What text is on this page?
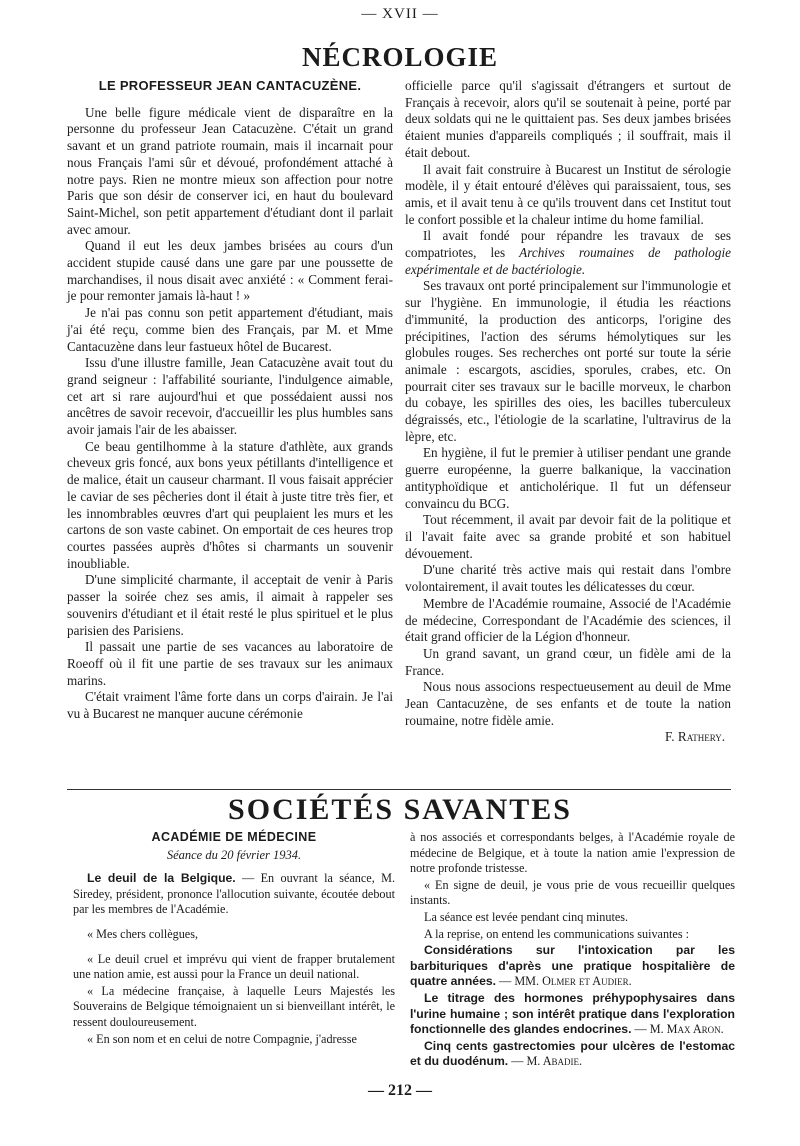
— XVII —
NÉCROLOGIE
LE PROFESSEUR JEAN CANTACUZÈNE.

Une belle figure médicale vient de disparaître en la personne du professeur Jean Catacuzène. C'était un grand savant et un grand patriote roumain, mais il incarnait pour nous Français l'ami sûr et dévoué, profondément attaché à notre pays. Rien ne montre mieux son affection pour notre Paris que son désir de conserver ici, en haut du boulevard Saint-Michel, son petit appartement d'étudiant dont il parlait avec amour.

Quand il eut les deux jambes brisées au cours d'un accident stupide causé dans une gare par une poussette de marchandises, il nous disait avec anxiété : « Comment ferai-je pour remonter jamais là-haut ! »

Je n'ai pas connu son petit appartement d'étudiant, mais j'ai été reçu, comme bien des Français, par M. et Mme Cantacuzène dans leur fastueux hôtel de Bucarest.

Issu d'une illustre famille, Jean Catacuzène avait tout du grand seigneur : l'affabilité souriante, l'indulgence aimable, cet art si rare aujourd'hui et que possédaient aussi nos ancêtres de savoir recevoir, d'accueillir les plus humbles sans avoir jamais l'air de les abaisser.

Ce beau gentilhomme à la stature d'athlète, aux grands cheveux gris foncé, aux bons yeux pétillants d'intelligence et de malice, était un causeur charmant. Il vous faisait apprécier le caviar de ses pêcheries dont il était à juste titre très fier, et les innombrables œuvres d'art qui peuplaient les murs et les cartons de son vaste cabinet. On emportait de ces heures trop courtes passées auprès d'hôtes si charmants un souvenir inoubliable.

D'une simplicité charmante, il acceptait de venir à Paris passer la soirée chez ses amis, il aimait à rappeler ses souvenirs d'étudiant et il était resté le plus spirituel et le plus parisien des Parisiens.

Il passait une partie de ses vacances au laboratoire de Roeoff où il fit une partie de ses travaux sur les animaux marins.

C'était vraiment l'âme forte dans un corps d'airain. Je l'ai vu à Bucarest ne manquer aucune cérémonie

officielle parce qu'il s'agissait d'étrangers et surtout de Français à recevoir, alors qu'il se soutenait à peine, porté par deux soldats qui ne le quittaient pas. Ses deux jambes brisées étaient munies d'appareils compliqués ; il souffrait, mais il était debout.

Il avait fait construire à Bucarest un Institut de sérologie modèle, il y était entouré d'élèves qui paraissaient, tous, ses amis, et il avait tenu à ce qu'ils trouvent dans cet Institut tout le confort possible et la chaleur intime du home familial.

Il avait fondé pour répandre les travaux de ses compatriotes, les Archives roumaines de pathologie expérimentale et de bactériologie.

Ses travaux ont porté principalement sur l'immunologie et sur l'hygiène. En immunologie, il étudia les réactions d'immunité, la production des anticorps, l'origine des précipitines, l'action des sérums hémolytiques sur les globules rouges. Ses recherches ont porté sur toute la série animale : escargots, ascidies, sporules, crabes, etc. On pourrait citer ses travaux sur le bacille morveux, le charbon du cobaye, les spirilles des oies, les bacilles tuberculeux dégraissés, etc., l'étiologie de la scarlatine, l'ultravirus de la lèpre, etc.

En hygiène, il fut le premier à utiliser pendant une grande guerre européenne, la guerre balkanique, la vaccination antityphoïdique et anticholérique. Il fut un défenseur convaincu du BCG.

Tout récemment, il avait par devoir fait de la politique et il l'avait faite avec sa grande probité et son habituel dévouement.

D'une charité très active mais qui restait dans l'ombre volontairement, il avait toutes les délicatesses du cœur.

Membre de l'Académie roumaine, Associé de l'Académie de médecine, Correspondant de l'Académie des sciences, il était grand officier de la Légion d'honneur.

Un grand savant, un grand cœur, un fidèle ami de la France.

Nous nous associons respectueusement au deuil de Mme Jean Cantacuzène, de ses enfants et de toute la nation roumaine, notre fidèle amie.

F. Rathery.
SOCIÉTÉS SAVANTES
ACADÉMIE DE MÉDECINE
Séance du 20 février 1934.

Le deuil de la Belgique. — En ouvrant la séance, M. Siredey, président, prononce l'allocution suivante, écoutée debout par les membres de l'Académie.

« Mes chers collègues,

« Le deuil cruel et imprévu qui vient de frapper brutalement une nation amie, est aussi pour la France un deuil national.

« La médecine française, à laquelle Leurs Majestés les Souverains de Belgique témoignaient un si bienveillant intérêt, le ressent douloureusement.

« En son nom et en celui de notre Compagnie, j'adresse

à nos associés et correspondants belges, à l'Académie royale de médecine de Belgique, et à toute la nation amie l'expression de notre profonde tristesse.

« En signe de deuil, je vous prie de vous recueillir quelques instants.

La séance est levée pendant cinq minutes.

A la reprise, on entend les communications suivantes :

Considérations sur l'intoxication par les barbituriques d'après une pratique hospitalière de quatre années. — MM. Olmer et Audier.

Le titrage des hormones préhypophysaires dans l'urine humaine ; son intérêt pratique dans l'exploration fonctionnelle des glandes endocrines. — M. Max Aron.

Cinq cents gastrectomies pour ulcères de l'estomac et du duodénum. — M. Abadie.

— 212 —
